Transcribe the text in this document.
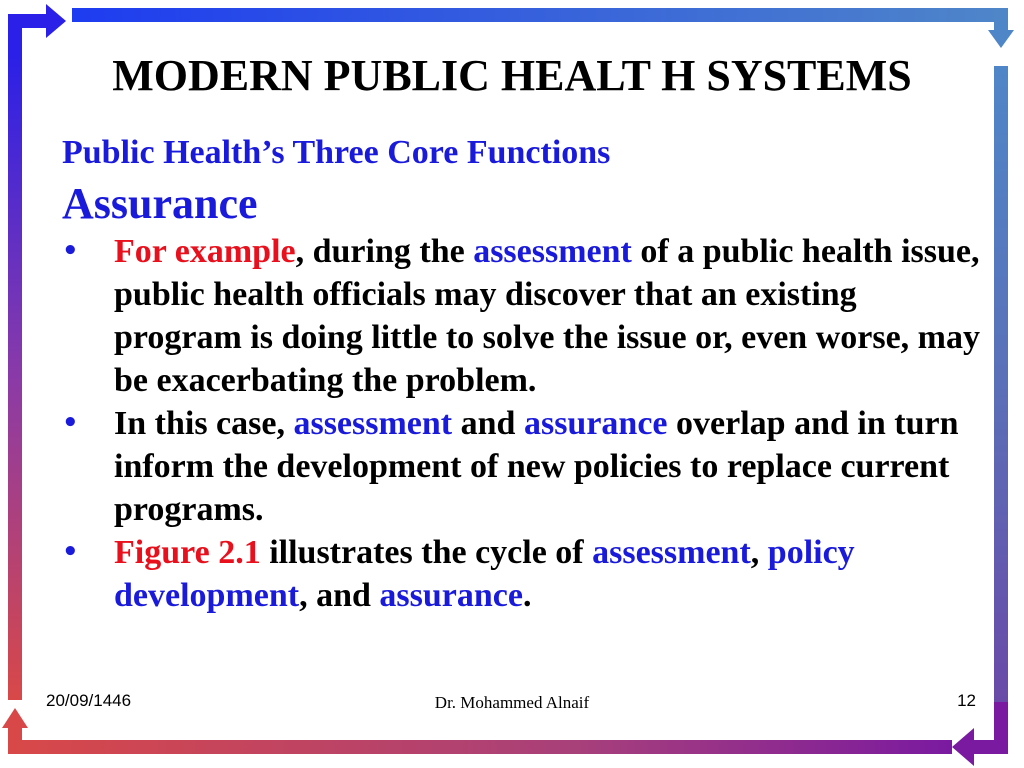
MODERN PUBLIC HEALT H SYSTEMS
Public Health’s Three Core Functions
Assurance
• For example, during the assessment of a public health issue, public health officials may discover that an existing program is doing little to solve the issue or, even worse, may be exacerbating the problem.
• In this case, assessment and assurance overlap and in turn inform the development of new policies to replace current programs.
• Figure 2.1 illustrates the cycle of assessment, policy development, and assurance.
20/09/1446	Dr. Mohammed Alnaif	12
